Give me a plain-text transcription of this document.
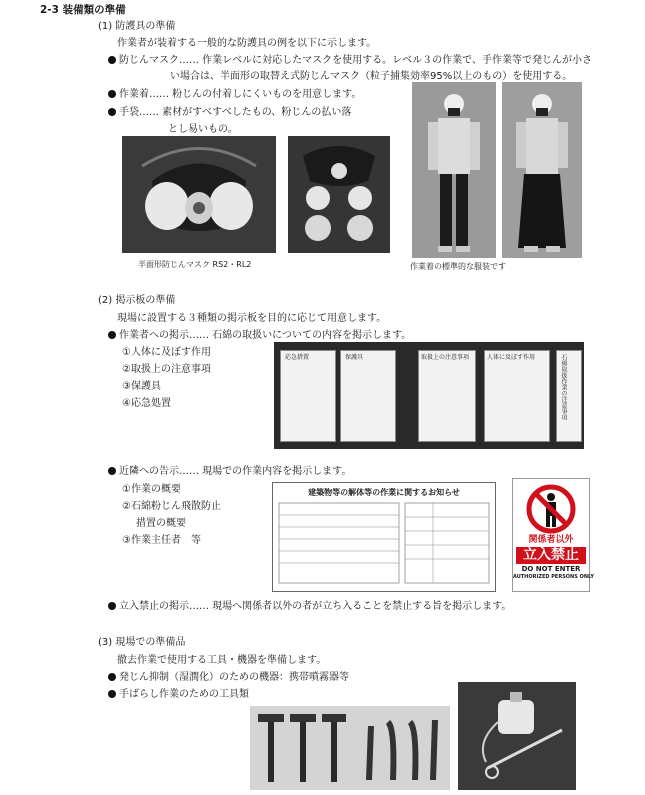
2-3 装備類の準備
(1) 防護具の準備
作業者が装着する一般的な防護具の例を以下に示します。
防じんマスク…… 作業レベルに対応したマスクを使用する。レベル３の作業で、手作業等で発じんが小さ
い場合は、半面形の取替え式防じんマスク（粒子捕集効率95%以上のもの）を使用する。
作業着…… 粉じんの付着しにくいものを用意します。
手袋…… 素材がすべすべしたもの、粉じんの払い落
とし易いもの。
半面形防じんマスク RS2・RL2	作業着の標準的な服装です
(2) 掲示板の準備
現場に設置する３種類の掲示板を目的に応じて用意します。
作業者への掲示…… 石綿の取扱いについての内容を掲示します。
①人体に及ぼす作用
②取扱上の注意事項
③保護具
④応急処置
応急措置	保護具	取扱上の注意事項	人体に及ぼす作用	石綿取扱作業の注意事項
近隣への告示…… 現場での作業内容を掲示します。
①作業の概要
②石綿粉じん飛散防止
措置の概要
③作業主任者　等
建築物等の解体等の作業に関するお知らせ
関係者以外
立入禁止
DO NOT ENTER
AUTHORIZED PERSONS ONLY
立入禁止の掲示…… 現場へ関係者以外の者が立ち入ることを禁止する旨を掲示します。
(3) 現場での準備品
撤去作業で使用する工具・機器を準備します。
発じん抑制（湿潤化）のための機器：携帯噴霧器等
手ばらし作業のための工具類
